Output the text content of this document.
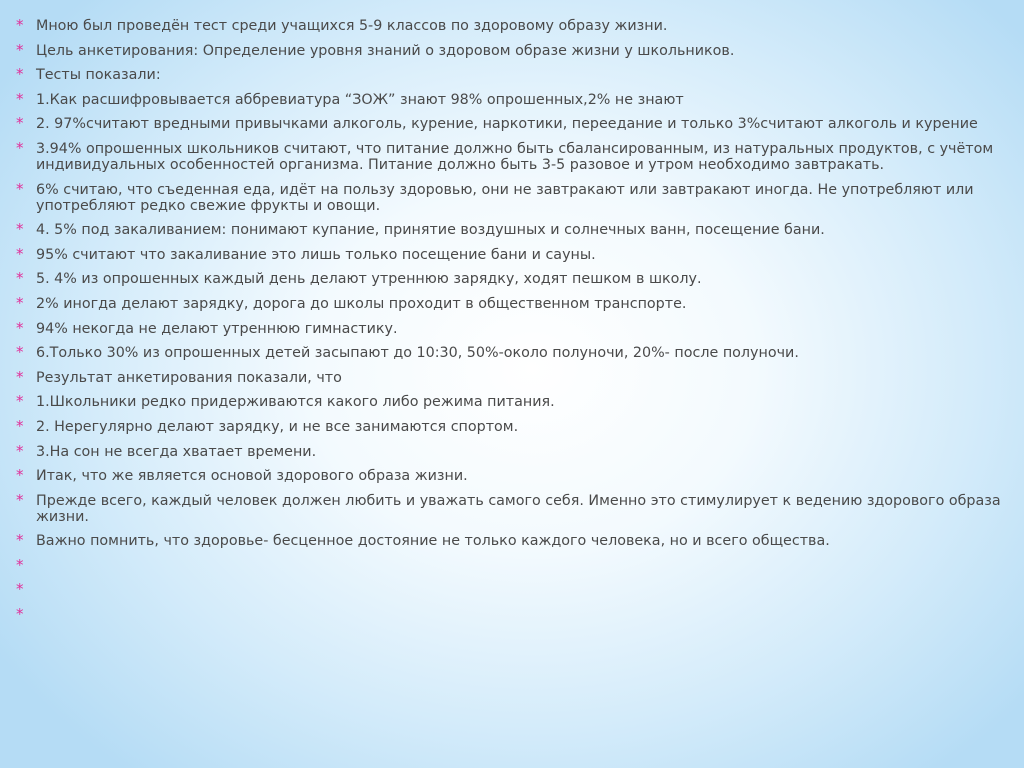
* Мною был проведён тест среди учащихся 5-9 классов по здоровому образу жизни.
* Цель анкетирования: Определение уровня знаний о здоровом образе жизни у школьников.
* Тесты показали:
* 1.Как расшифровывается аббревиатура “ЗОЖ” знают 98% опрошенных,2% не знают
* 2. 97%считают вредными привычками алкоголь, курение, наркотики, переедание и только 3%считают алкоголь и курение
* 3.94% опрошенных школьников считают, что питание должно быть сбалансированным, из натуральных продуктов, с учётом индивидуальных особенностей организма. Питание должно быть 3-5 разовое и утром необходимо завтракать.
* 6% считаю, что съеденная еда, идёт на пользу здоровью, они не завтракают или завтракают иногда. Не употребляют или употребляют редко свежие фрукты и овощи.
* 4. 5% под закаливанием: понимают купание, принятие воздушных и солнечных ванн, посещение бани.
* 95% считают что закаливание это лишь только посещение бани и сауны.
* 5. 4% из опрошенных каждый день делают утреннюю зарядку, ходят пешком в школу.
* 2% иногда делают зарядку, дорога до школы проходит в общественном транспорте.
* 94% некогда не делают утреннюю гимнастику.
* 6.Только 30% из опрошенных детей засыпают до 10:30, 50%-около полуночи, 20%- после полуночи.
* Результат анкетирования показали, что
* 1.Школьники редко придерживаются какого либо режима питания.
* 2. Нерегулярно делают зарядку, и не все занимаются спортом.
* 3.На сон не всегда хватает времени.
* Итак, что же является основой здорового образа жизни.
* Прежде всего, каждый человек должен любить и уважать самого себя. Именно это стимулирует к ведению здорового образа жизни.
* Важно помнить, что здоровье- бесценное достояние не только каждого человека, но и всего общества.
*
*
*
